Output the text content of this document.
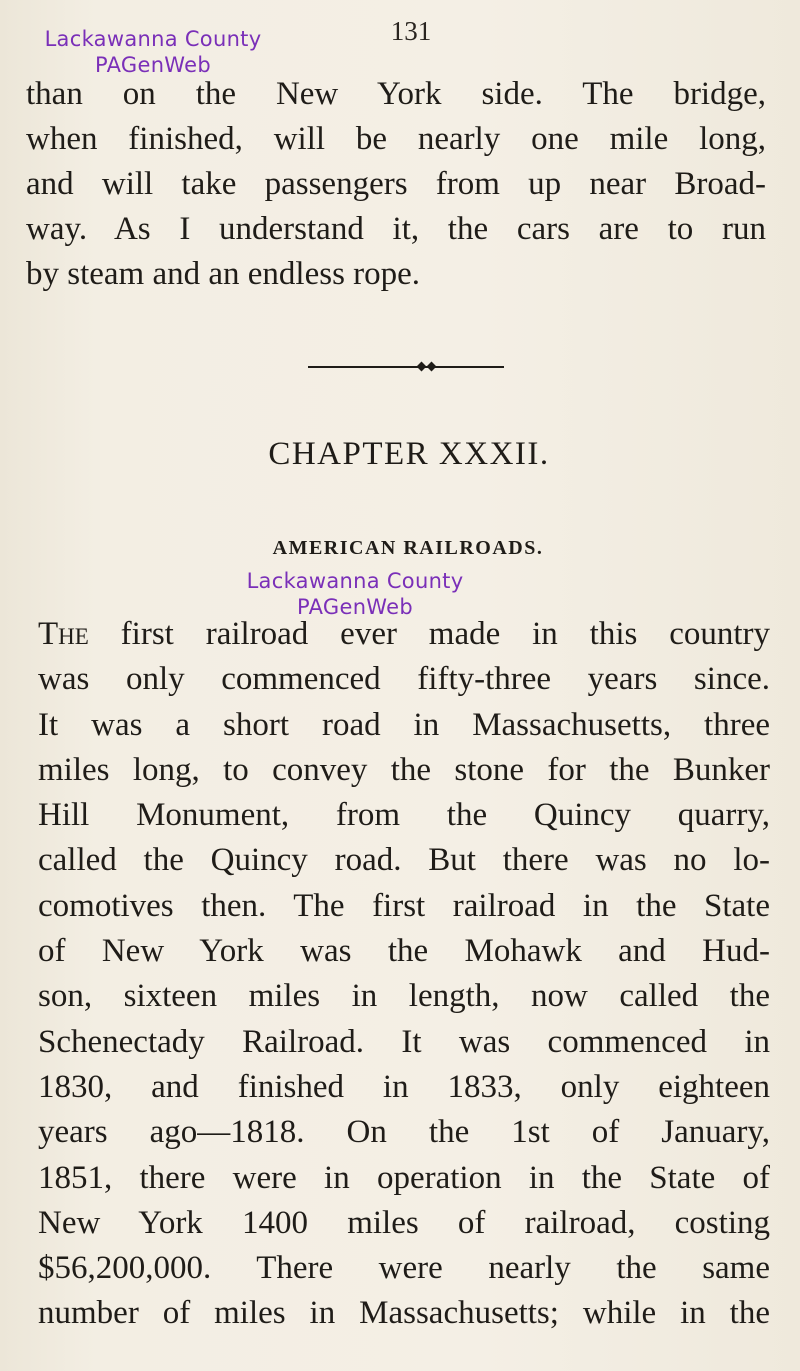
131
Lackawanna County
PAGenWeb
than on the New York side. The bridge,
when finished, will be nearly one mile long,
and will take passengers from up near Broad-
way. As I understand it, the cars are to run
by steam and an endless rope.
CHAPTER XXXII.
AMERICAN RAILROADS.
Lackawanna County
PAGenWeb
The first railroad ever made in this country
was only commenced fifty-three years since.
It was a short road in Massachusetts, three
miles long, to convey the stone for the Bunker
Hill Monument, from the Quincy quarry,
called the Quincy road. But there was no lo-
comotives then. The first railroad in the State
of New York was the Mohawk and Hud-
son, sixteen miles in length, now called the
Schenectady Railroad. It was commenced in
1830, and finished in 1833, only eighteen
years ago—1818. On the 1st of January,
1851, there were in operation in the State of
New York 1400 miles of railroad, costing
$56,200,000. There were nearly the same
number of miles in Massachusetts; while in the
